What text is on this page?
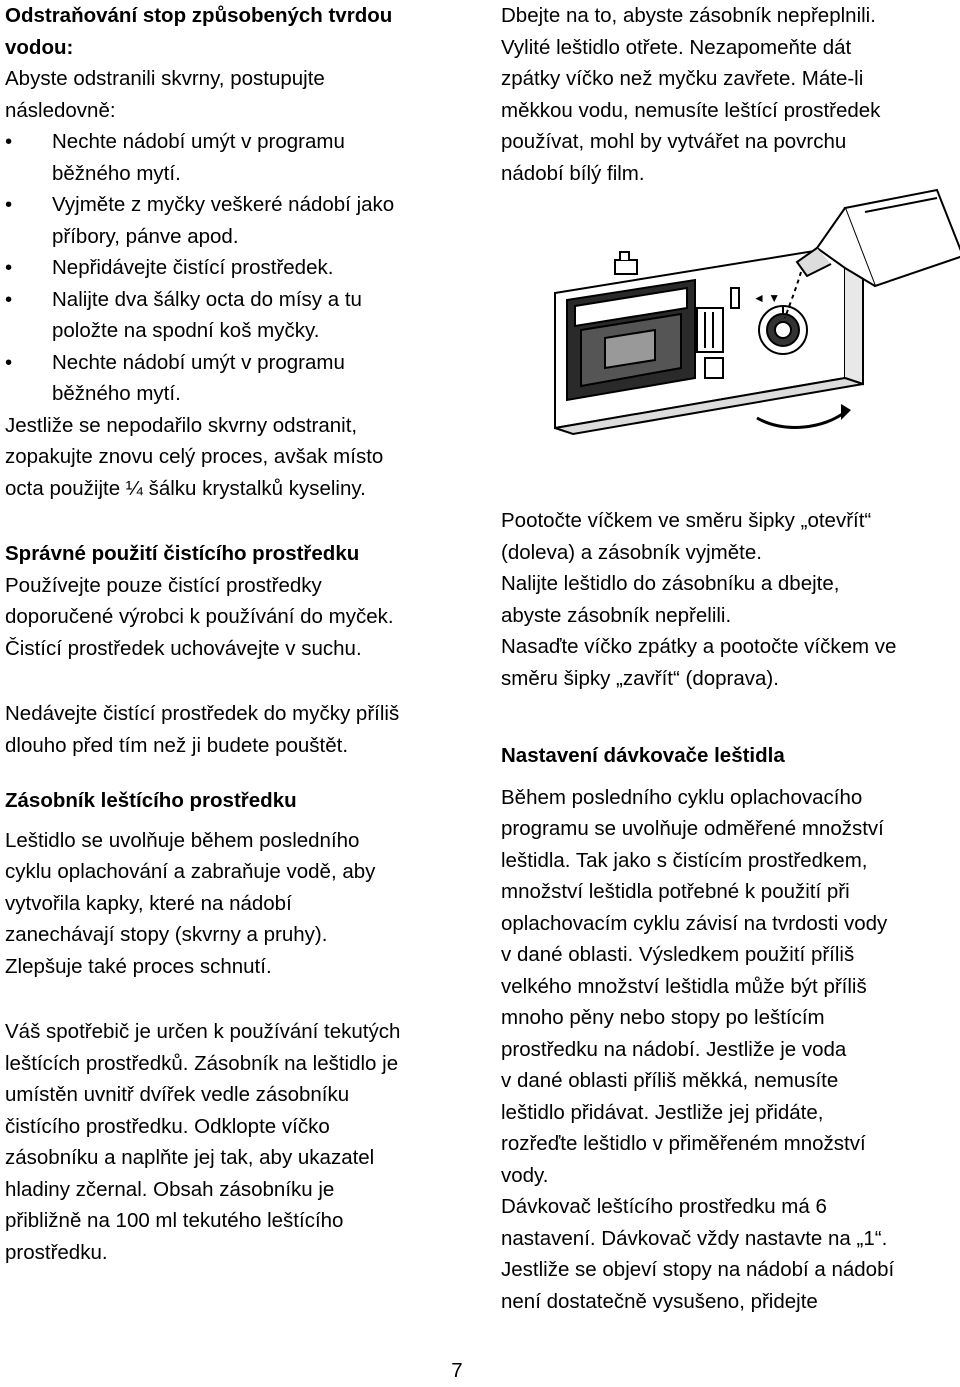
Odstraňování stop způsobených tvrdou
vodou:

Abyste odstranili skvrny, postupujte
následovně:

• Nechte nádobí umýt v programu
běžného mytí.
• Vyjměte z myčky veškeré nádobí jako
příbory, pánve apod.
• Nepřidávejte čistící prostředek.
• Nalijte dva šálky octa do mísy a tu
položte na spodní koš myčky.
• Nechte nádobí umýt v programu
běžného mytí.

Jestliže se nepodařilo skvrny odstranit,
zopakujte znovu celý proces, avšak místo
octa použijte ¼ šálku krystalků kyseliny.

Správné použití čistícího prostředku

Používejte pouze čistící prostředky
doporučené výrobci k používání do myček.
Čistící prostředek uchovávejte v suchu.

Nedávejte čistící prostředek do myčky příliš
dlouho před tím než ji budete pouštět.

Zásobník leštícího prostředku

Leštidlo se uvolňuje během posledního
cyklu oplachování a zabraňuje vodě, aby
vytvořila kapky, které na nádobí
zanechávají stopy (skvrny a pruhy).
Zlepšuje také proces schnutí.

Váš spotřebič je určen k používání tekutých
leštících prostředků. Zásobník na leštidlo je
umístěn uvnitř dvířek vedle zásobníku
čistícího prostředku. Odklopte víčko
zásobníku a naplňte jej tak, aby ukazatel
hladiny zčernal. Obsah zásobníku je
přibližně na 100 ml tekutého leštícího
prostředku.

Dbejte na to, abyste zásobník nepřeplnili.
Vylité leštidlo otřete. Nezapomeňte dát
zpátky víčko než myčku zavřete. Máte-li
měkkou vodu, nemusíte leštící prostředek
používat, mohl by vytvářet na povrchu
nádobí bílý film.

Pootočte víčkem ve směru šipky „otevřít“
(doleva) a zásobník vyjměte.
Nalijte leštidlo do zásobníku a dbejte,
abyste zásobník nepřelili.
Nasaďte víčko zpátky a pootočte víčkem ve
směru šipky „zavřít“ (doprava).

Nastavení dávkovače leštidla

Během posledního cyklu oplachovacího
programu se uvolňuje odměřené množství
leštidla. Tak jako s čistícím prostředkem,
množství leštidla potřebné k použití při
oplachovacím cyklu závisí na tvrdosti vody
v dané oblasti. Výsledkem použití příliš
velkého množství leštidla může být příliš
mnoho pěny nebo stopy po leštícím
prostředku na nádobí. Jestliže je voda
v dané oblasti příliš měkká, nemusíte
leštidlo přidávat. Jestliže jej přidáte,
rozřeďte leštidlo v přiměřeném množství
vody.
Dávkovač leštícího prostředku má 6
nastavení. Dávkovač vždy nastavte na „1“.
Jestliže se objeví stopy na nádobí a nádobí
není dostatečně vysušeno, přidejte

◄ ▼
7
